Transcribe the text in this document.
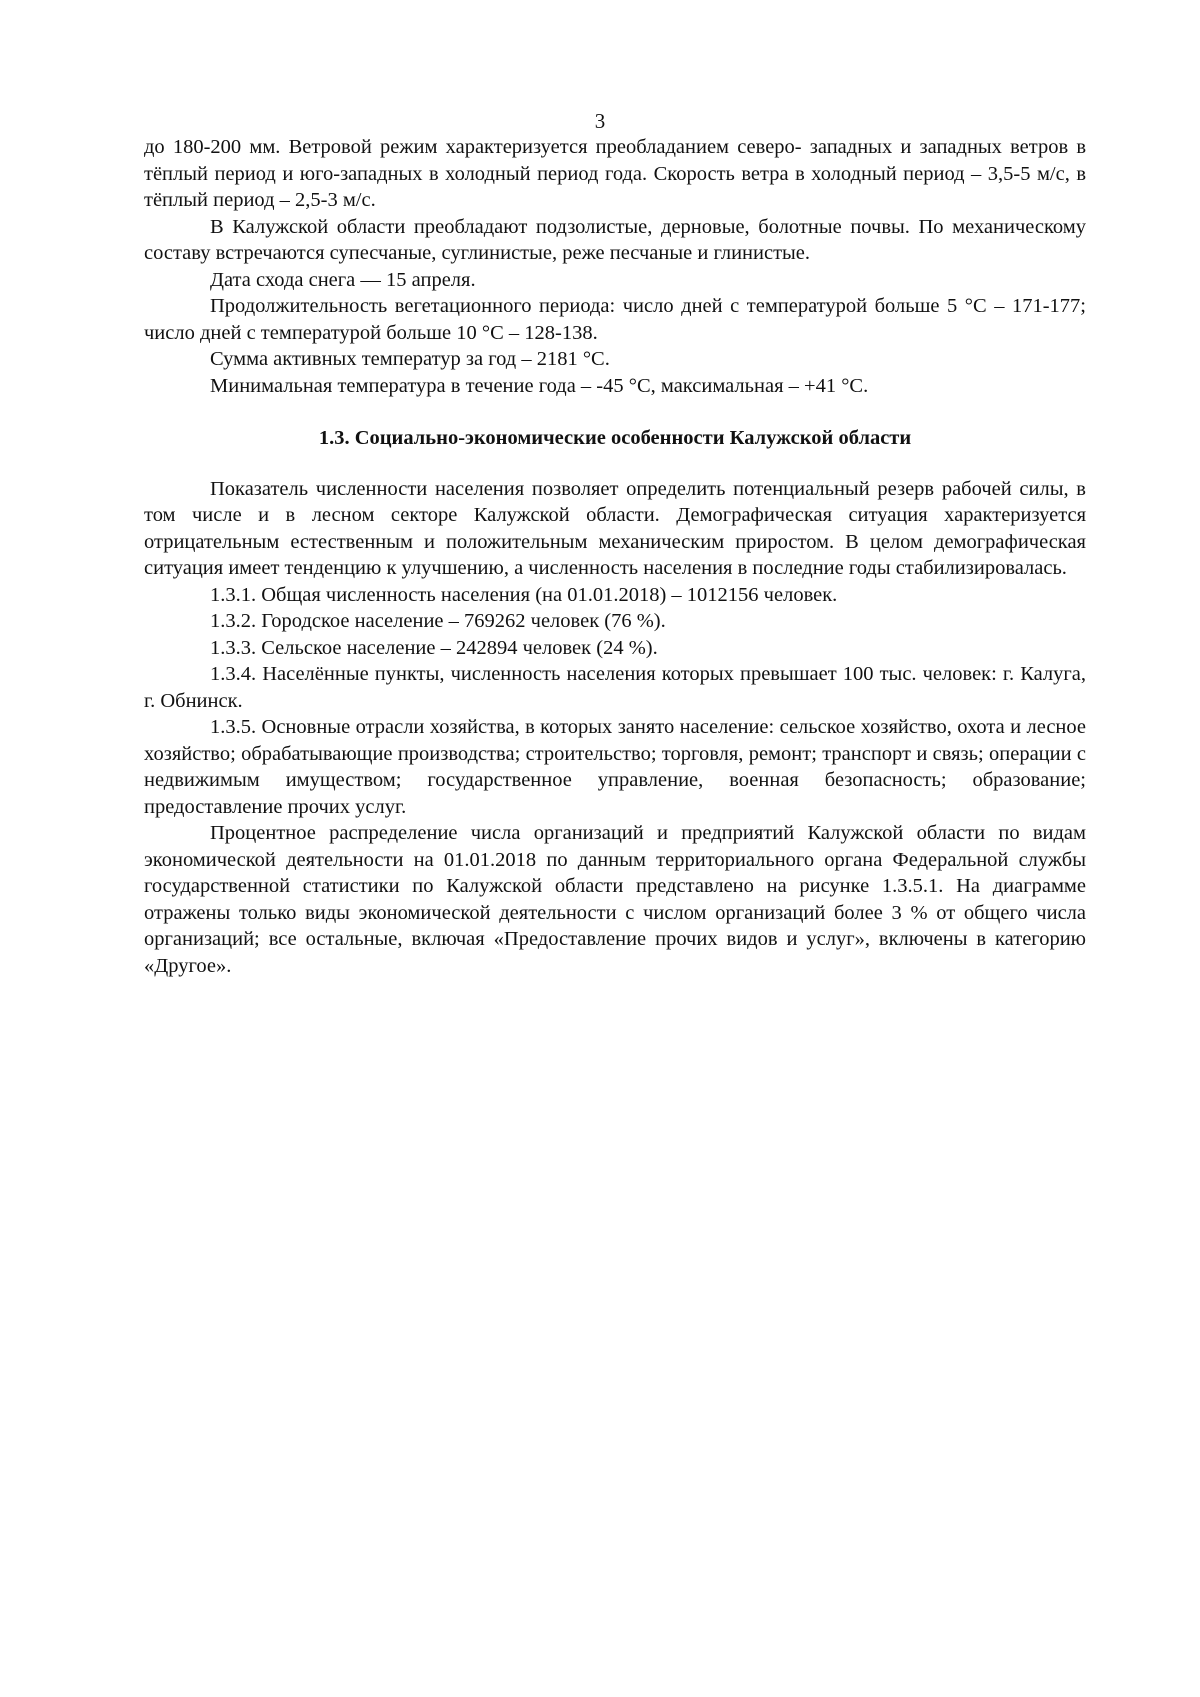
3

до 180-200 мм. Ветровой режим характеризуется преобладанием северо- западных и западных ветров в тёплый период и юго-западных в холодный период года. Скорость ветра в холодный период – 3,5-5 м/с, в тёплый период – 2,5-3 м/с.

В Калужской области преобладают подзолистые, дерновые, болотные почвы. По механическому составу встречаются супесчаные, суглинистые, реже песчаные и глинистые.

Дата схода снега — 15 апреля.

Продолжительность вегетационного периода: число дней с температурой больше 5 °С – 171-177; число дней с температурой больше 10 °С – 128-138.

Сумма активных температур за год – 2181 °С.

Минимальная температура в течение года – -45 °С, максимальная – +41 °С.

1.3. Социально-экономические особенности Калужской области

Показатель численности населения позволяет определить потенциальный резерв рабочей силы, в том числе и в лесном секторе Калужской области. Демографическая ситуация характеризуется отрицательным естественным и положительным механическим приростом. В целом демографическая ситуация имеет тенденцию к улучшению, а численность населения в последние годы стабилизировалась.

1.3.1. Общая численность населения (на 01.01.2018) – 1012156 человек.

1.3.2. Городское население – 769262 человек (76 %).

1.3.3. Сельское население – 242894 человек (24 %).

1.3.4. Населённые пункты, численность населения которых превышает 100 тыс. человек: г. Калуга, г. Обнинск.

1.3.5. Основные отрасли хозяйства, в которых занято население: сельское хозяйство, охота и лесное хозяйство; обрабатывающие производства; строительство; торговля, ремонт; транспорт и связь; операции с недвижимым имуществом; государственное управление, военная безопасность; образование; предоставление прочих услуг.

Процентное распределение числа организаций и предприятий Калужской области по видам экономической деятельности на 01.01.2018 по данным территориального органа Федеральной службы государственной статистики по Калужской области представлено на рисунке 1.3.5.1. На диаграмме отражены только виды экономической деятельности с числом организаций более 3 % от общего числа организаций; все остальные, включая «Предоставление прочих видов и услуг», включены в категорию «Другое».
